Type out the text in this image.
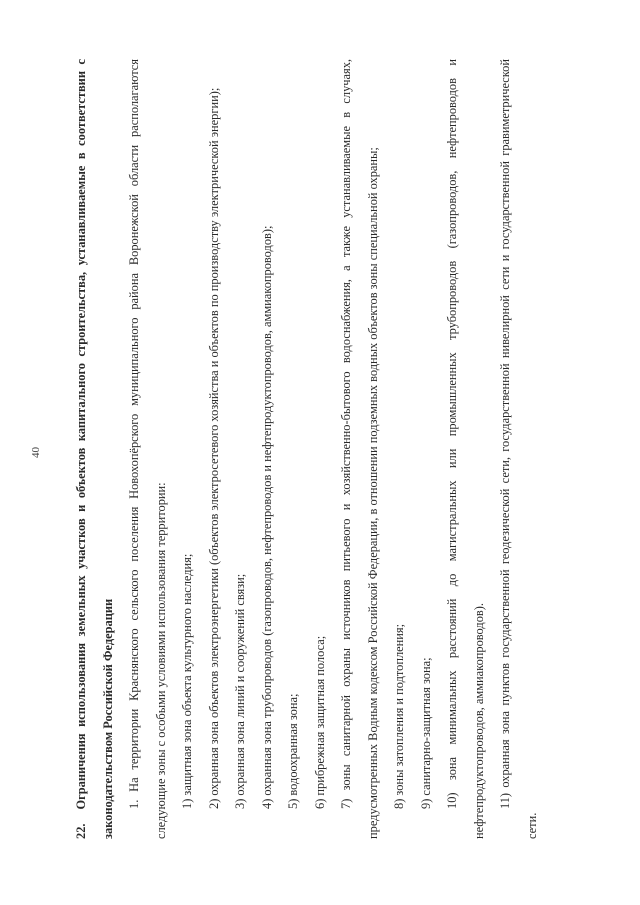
40

22.Ограничения использования земельных участков и объектов капитального строительства, устанавливаемые в соответствии с законодательством Российской Федерации	1. На территории Краснянского сельского поселения Новохопёрского муниципального района Воронежской области располагаются следующие зоны с особыми условиями использования территории:	1) защитная зона объекта культурного наследия;	2) охранная зона объектов электроэнергетики (объектов электросетевого хозяйства и объектов по производству электрической энергии);	3) охранная зона линий и сооружений связи;	4) охранная зона трубопроводов (газопроводов, нефтепроводов и нефтепродуктопроводов, аммиакопроводов);	5) водоохранная зона;	6) прибрежная защитная полоса;	7) зоны санитарной охраны источников питьевого и хозяйственно-бытового водоснабжения, а также устанавливаемые в случаях, предусмотренных Водным кодексом Российской Федерации, в отношении подземных водных объектов зоны специальной охраны;	8) зоны затопления и подтопления;	9) санитарно-защитная зона;	10) зона минимальных расстояний до магистральных или промышленных трубопроводов (газопроводов, нефтепроводов и нефтепродуктопроводов, аммиакопроводов).	11) охранная зона пунктов государственной геодезической сети, государственной нивелирной сети и государственной гравиметрической сети.
